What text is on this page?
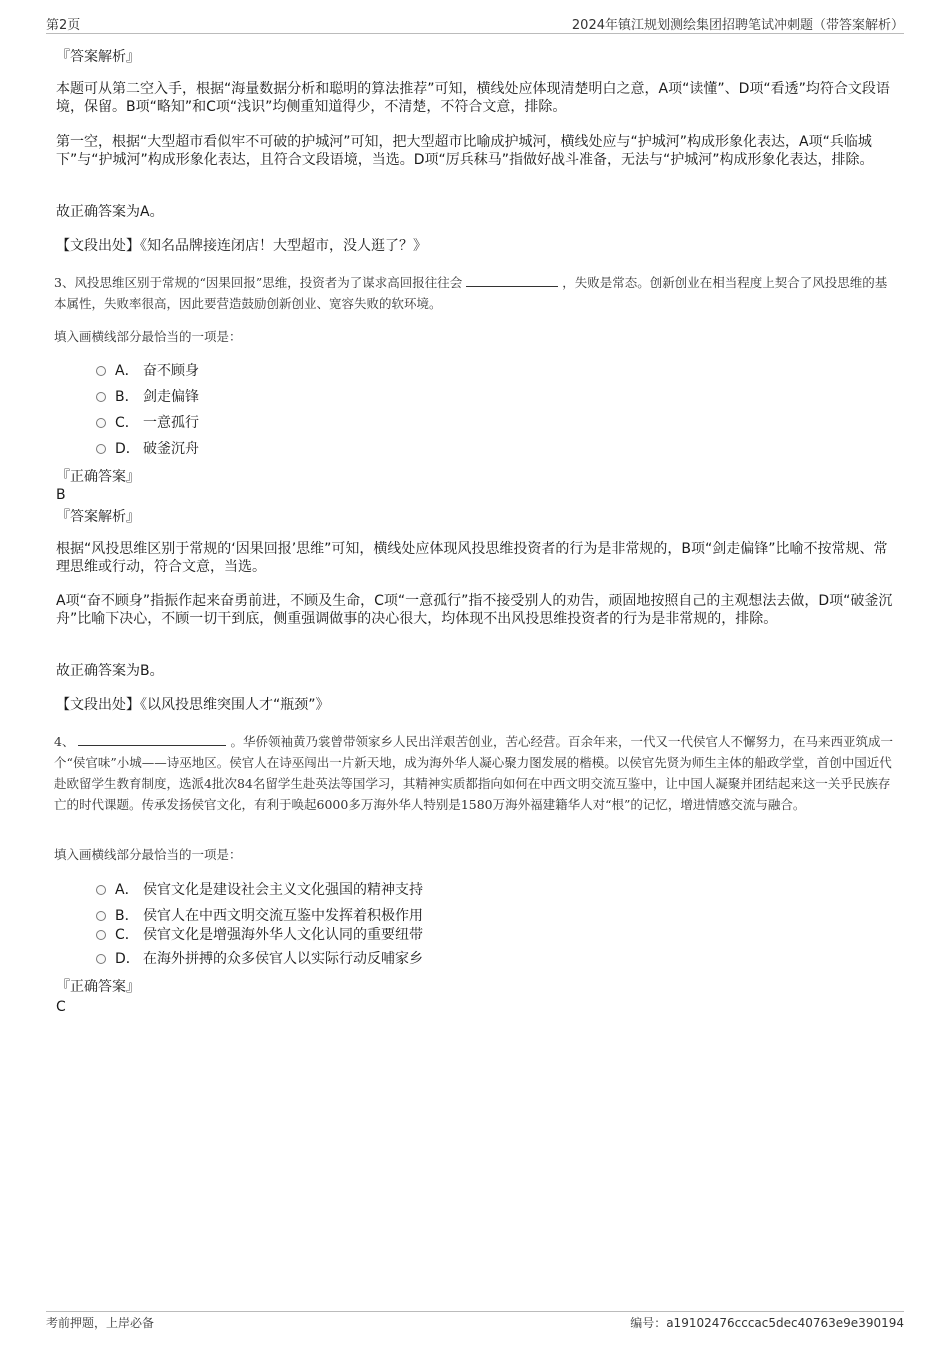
第2页	2024年镇江规划测绘集团招聘笔试冲刺题（带答案解析）
『答案解析』
本题可从第二空入手，根据“海量数据分析和聪明的算法推荐”可知，横线处应体现清楚明白之意，A项“读懂”、D项“看透”均符合文段语境，保留。B项“略知”和C项“浅识”均侧重知道得少，不清楚，不符合文意，排除。
第一空，根据“大型超市看似牢不可破的护城河”可知，把大型超市比喻成护城河，横线处应与“护城河”构成形象化表达，A项“兵临城下”与“护城河”构成形象化表达，且符合文段语境，当选。D项“厉兵秣马”指做好战斗准备，无法与“护城河”构成形象化表达，排除。
故正确答案为A。
【文段出处】《知名品牌接连闭店！大型超市，没人逛了？》
3、风投思维区别于常规的“因果回报”思维，投资者为了谋求高回报往往会	，失败是常态。创新创业在相当程度上契合了风投思维的基本属性，失败率很高，因此要营造鼓励创新创业、宽容失败的软环境。
填入画横线部分最恰当的一项是：
A． 奋不顾身
B． 剑走偏锋
C． 一意孤行
D． 破釜沉舟
『正确答案』
B
『答案解析』
根据“风投思维区别于常规的‘因果回报’思维”可知，横线处应体现风投思维投资者的行为是非常规的，B项“剑走偏锋”比喻不按常规、常理思维或行动，符合文意，当选。
A项“奋不顾身”指振作起来奋勇前进，不顾及生命，C项“一意孤行”指不接受别人的劝告，顽固地按照自己的主观想法去做，D项“破釜沉舟”比喻下决心，不顾一切干到底，侧重强调做事的决心很大，均体现不出风投思维投资者的行为是非常规的，排除。
故正确答案为B。
【文段出处】《以风投思维突围人才“瓶颈”》
4、	。华侨领袖黄乃裳曾带领家乡人民出洋艰苦创业，苦心经营。百余年来，一代又一代侯官人不懈努力，在马来西亚筑成一个“侯官味”小城——诗巫地区。侯官人在诗巫闯出一片新天地，成为海外华人凝心聚力图发展的楷模。以侯官先贤为师生主体的船政学堂，首创中国近代赴欧留学生教育制度，选派4批次84名留学生赴英法等国学习，其精神实质都指向如何在中西文明交流互鉴中，让中国人凝聚并团结起来这一关乎民族存亡的时代课题。传承发扬侯官文化，有利于唤起6000多万海外华人特别是1580万海外福建籍华人对“根”的记忆，增进情感交流与融合。
填入画横线部分最恰当的一项是：
A． 侯官文化是建设社会主义文化强国的精神支持
B． 侯官人在中西文明交流互鉴中发挥着积极作用
C． 侯官文化是增强海外华人文化认同的重要纽带
D． 在海外拼搏的众多侯官人以实际行动反哺家乡
『正确答案』
C
考前押题，上岸必备	编号：a19102476cccac5dec40763e9e390194
